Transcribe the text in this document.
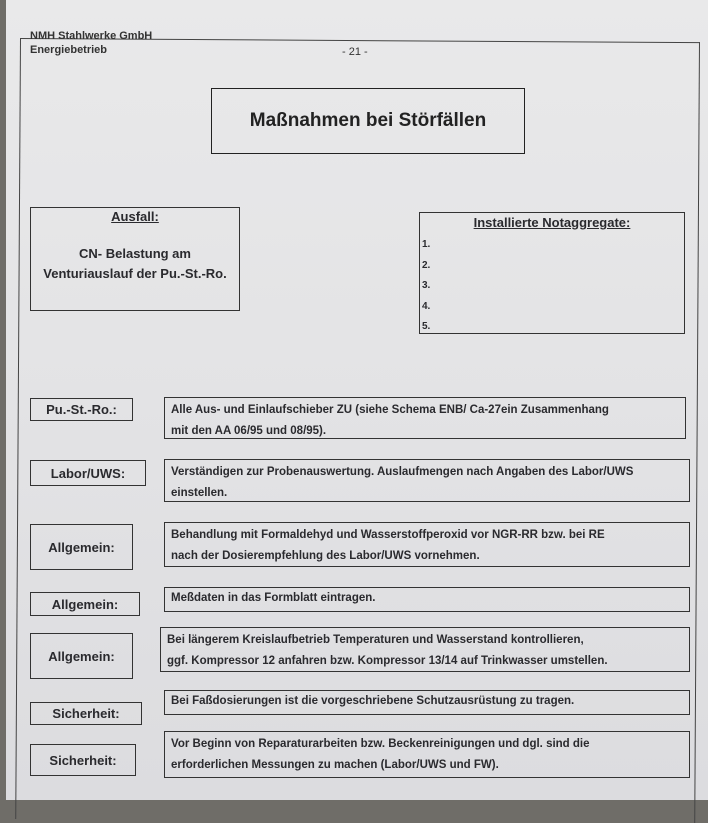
NMH Stahlwerke GmbH
Energiebetrieb	- 21 -
Maßnahmen bei Störfällen
Ausfall:
CN- Belastung am
Venturiauslauf der Pu.-St.-Ro.
Installierte Notaggregate:
1.
2.
3.
4.
5.
Pu.-St.-Ro.:	Alle Aus- und Einlaufschieber ZU (siehe Schema ENB/ Ca-27ein Zusammenhang
mit den AA 06/95 und 08/95).
Labor/UWS:	Verständigen zur Probenauswertung. Auslaufmengen nach Angaben des Labor/UWS
einstellen.
Allgemein:
Behandlung mit Formaldehyd und Wasserstoffperoxid vor NGR-RR bzw. bei RE
nach der Dosierempfehlung des Labor/UWS vornehmen.
Allgemein:	Meßdaten in das Formblatt eintragen.
Allgemein:
Bei längerem Kreislaufbetrieb Temperaturen und Wasserstand kontrollieren,
ggf. Kompressor 12 anfahren bzw. Kompressor 13/14 auf Trinkwasser umstellen.
Sicherheit:
Bei Faßdosierungen ist die vorgeschriebene Schutzausrüstung zu tragen.
Sicherheit:
Vor Beginn von Reparaturarbeiten bzw. Beckenreinigungen und dgl. sind die
erforderlichen Messungen zu machen (Labor/UWS und FW).
